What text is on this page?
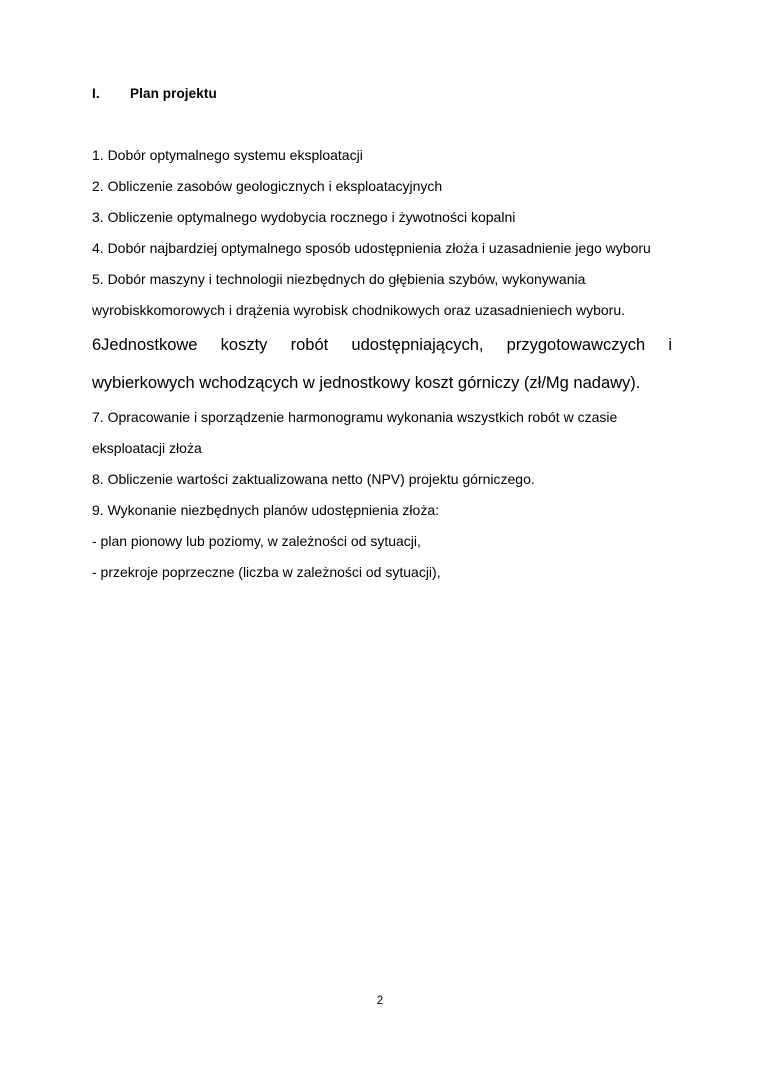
I.	Plan projektu

1. Dobór optymalnego systemu eksploatacji

2. Obliczenie zasobów geologicznych i eksploatacyjnych

3. Obliczenie optymalnego wydobycia rocznego i żywotności kopalni

4. Dobór najbardziej optymalnego sposób udostępnienia złoża i uzasadnienie jego wyboru

5. Dobór maszyny i technologii niezbędnych do głębienia szybów, wykonywania wyrobiskkomorowych i drążenia wyrobisk chodnikowych oraz uzasadnieniech wyboru.

6Jednostkowe koszty robót udostępniających, przygotowawczych i wybierkowych wchodzących w jednostkowy koszt górniczy (zł/Mg nadawy).

7. Opracowanie i sporządzenie harmonogramu wykonania wszystkich robót w czasie eksploatacji złoża

8. Obliczenie wartości zaktualizowana netto (NPV) projektu górniczego.

9. Wykonanie niezbędnych planów udostępnienia złoża:

- plan pionowy lub poziomy, w zależności od sytuacji,

- przekroje poprzeczne (liczba w zależności od sytuacji),

2
